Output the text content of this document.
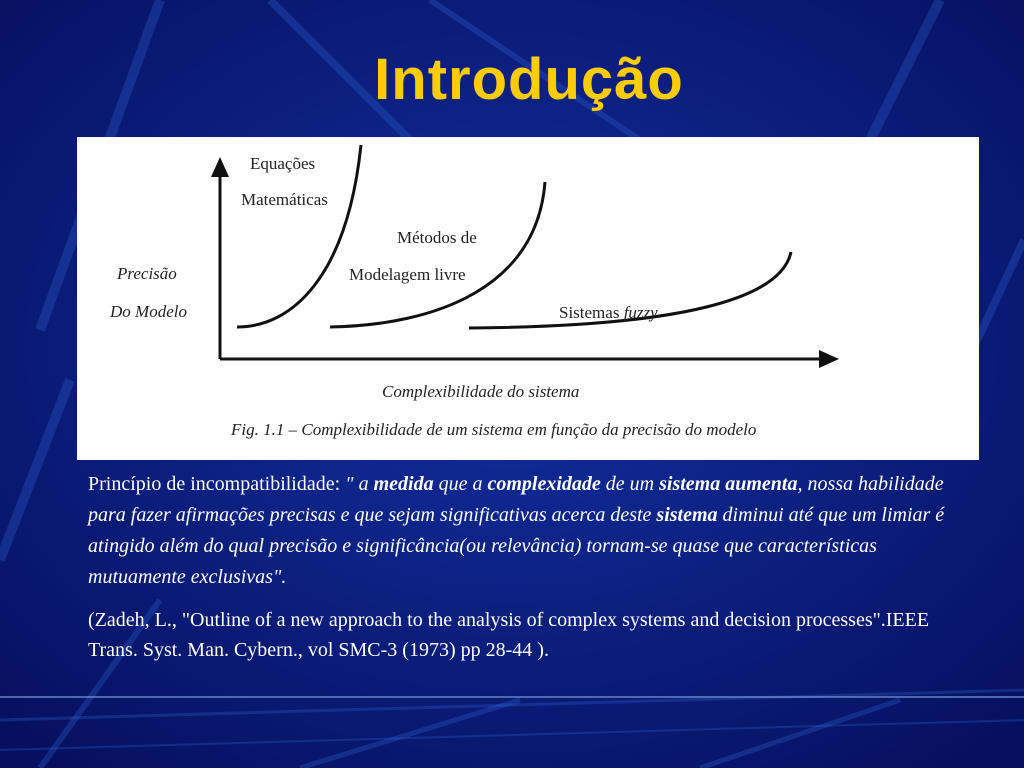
Introdução
Precisão
Do Modelo
Equações
Matemáticas
Métodos de
Modelagem livre
Sistemas fuzzy
Complexibilidade do sistema
Fig. 1.1 – Complexibilidade de um sistema em função da precisão do modelo

Princípio de incompatibilidade: " a medida que a complexidade de um sistema aumenta, nossa habilidade para fazer afirmações precisas e que sejam significativas acerca deste sistema diminui até que um limiar é atingido além do qual precisão e significância(ou relevância) tornam-se quase que características mutuamente exclusivas".

(Zadeh, L., "Outline of a new approach to the analysis of complex systems and decision processes".IEEE Trans. Syst. Man. Cybern., vol SMC-3 (1973) pp 28-44 ).
